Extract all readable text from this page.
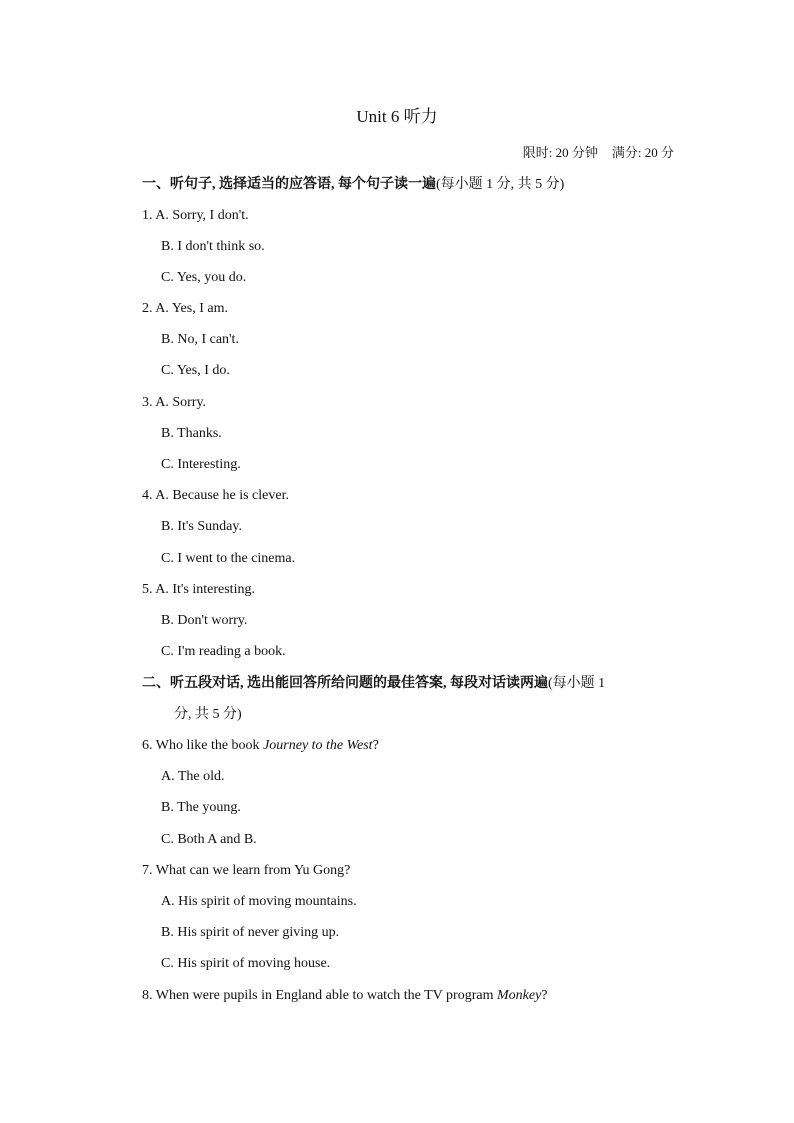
Unit 6 听力
限时: 20 分钟 满分: 20 分
一、听句子, 选择适当的应答语, 每个句子读一遍(每小题 1 分, 共 5 分)
1. A. Sorry, I don't.
B. I don't think so.
C. Yes, you do.
2. A. Yes, I am.
B. No, I can't.
C. Yes, I do.
3. A. Sorry.
B. Thanks.
C. Interesting.
4. A. Because he is clever.
B. It's Sunday.
C. I went to the cinema.
5. A. It's interesting.
B. Don't worry.
C. I'm reading a book.
二、听五段对话, 选出能回答所给问题的最佳答案, 每段对话读两遍(每小题 1
分, 共 5 分)
6. Who like the book Journey to the West?
A. The old.
B. The young.
C. Both A and B.
7. What can we learn from Yu Gong?
A. His spirit of moving mountains.
B. His spirit of never giving up.
C. His spirit of moving house.
8. When were pupils in England able to watch the TV program Monkey?
